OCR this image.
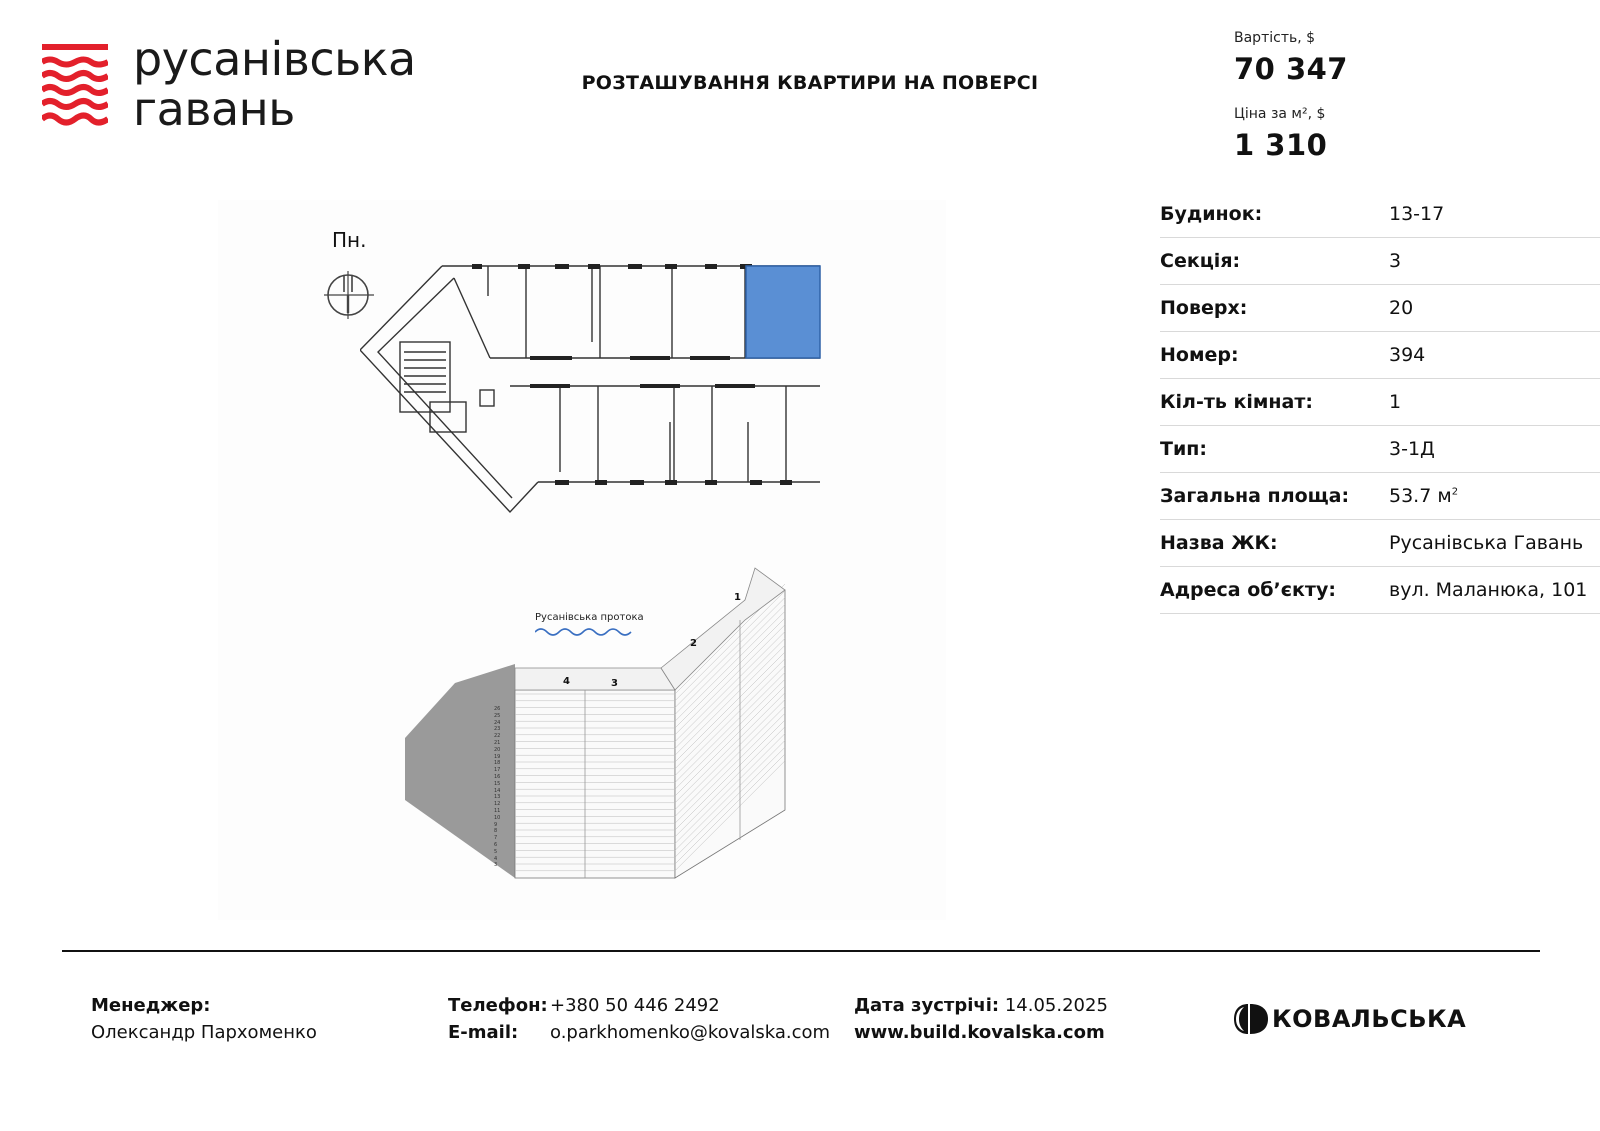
русанівська
гавань	РОЗТАШУВАННЯ КВАРТИРИ НА ПОВЕРСІ
Вартість, $
70 347
Ціна за м², $
1 310
Будинок:	13-17
Секція:	3
Поверх:	20
Номер:	394
Кіл-ть кімнат:	1
Тип:	3-1Д
Загальна площа:	53.7 $м^2$
Назва ЖК:	Русанівська Гавань
Адреса об’єкту:	вул. Маланюка, 101
Пн.
Русанівська протока
4	3
2
1
26
25
24
23
22
21
20
19
18
17
16
15
14
13
12
11
10
9
8
7
6
5
4
3
Менеджер:
Олександр Пархоменко
Телефон: +380 50 446 2492
E-mail: o.parkhomenko@kovalska.com
Дата зустрічі: 14.05.2025
www.build.kovalska.com	КОВАЛЬСЬКА
